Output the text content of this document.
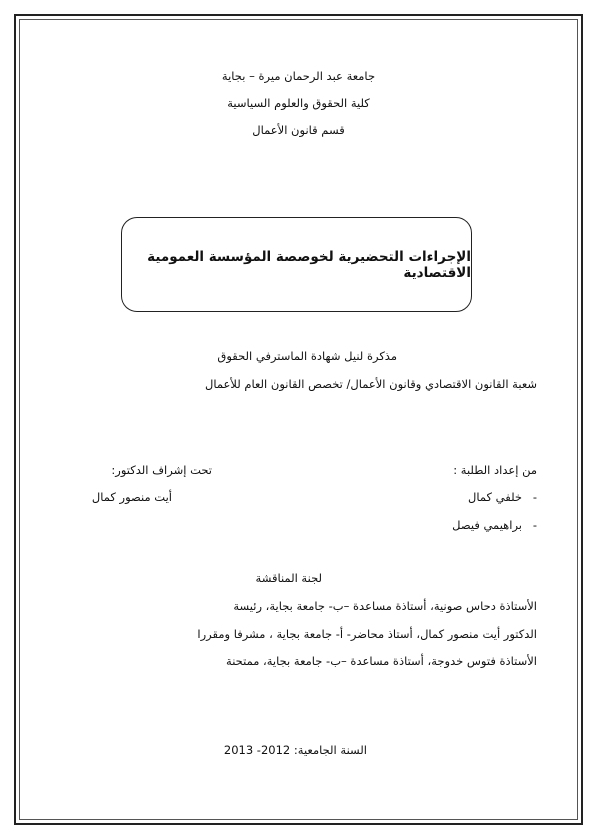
جامعة عبد الرحمان ميرة – بجاية
كلية الحقوق والعلوم السياسية
قسم قانون الأعمال
الإجراءات التحضيرية لخوصصة المؤسسة العمومية الاقتصادية
مذكرة لنيل شهادة الماسترفي الحقوق
شعبة القانون الاقتصادي وقانون الأعمال/ تخصص القانون العام للأعمال
من إعداد الطلبة :
تحت إشراف الدكتور:
-
خلفي كمال
أيت منصور كمال
-
براهيمي فيصل
لجنة المناقشة
الأستاذة دحاس صونية، أستاذة مساعدة –ب- جامعة بجاية، رئيسة
الدكتور أيت منصور كمال، أستاذ محاضر- أ- جامعة بجاية ، مشرفا ومقررا
الأستاذة فتوس خدوجة، أستاذة مساعدة –ب- جامعة بجاية، ممتحنة
السنة الجامعية: 2012- 2013
